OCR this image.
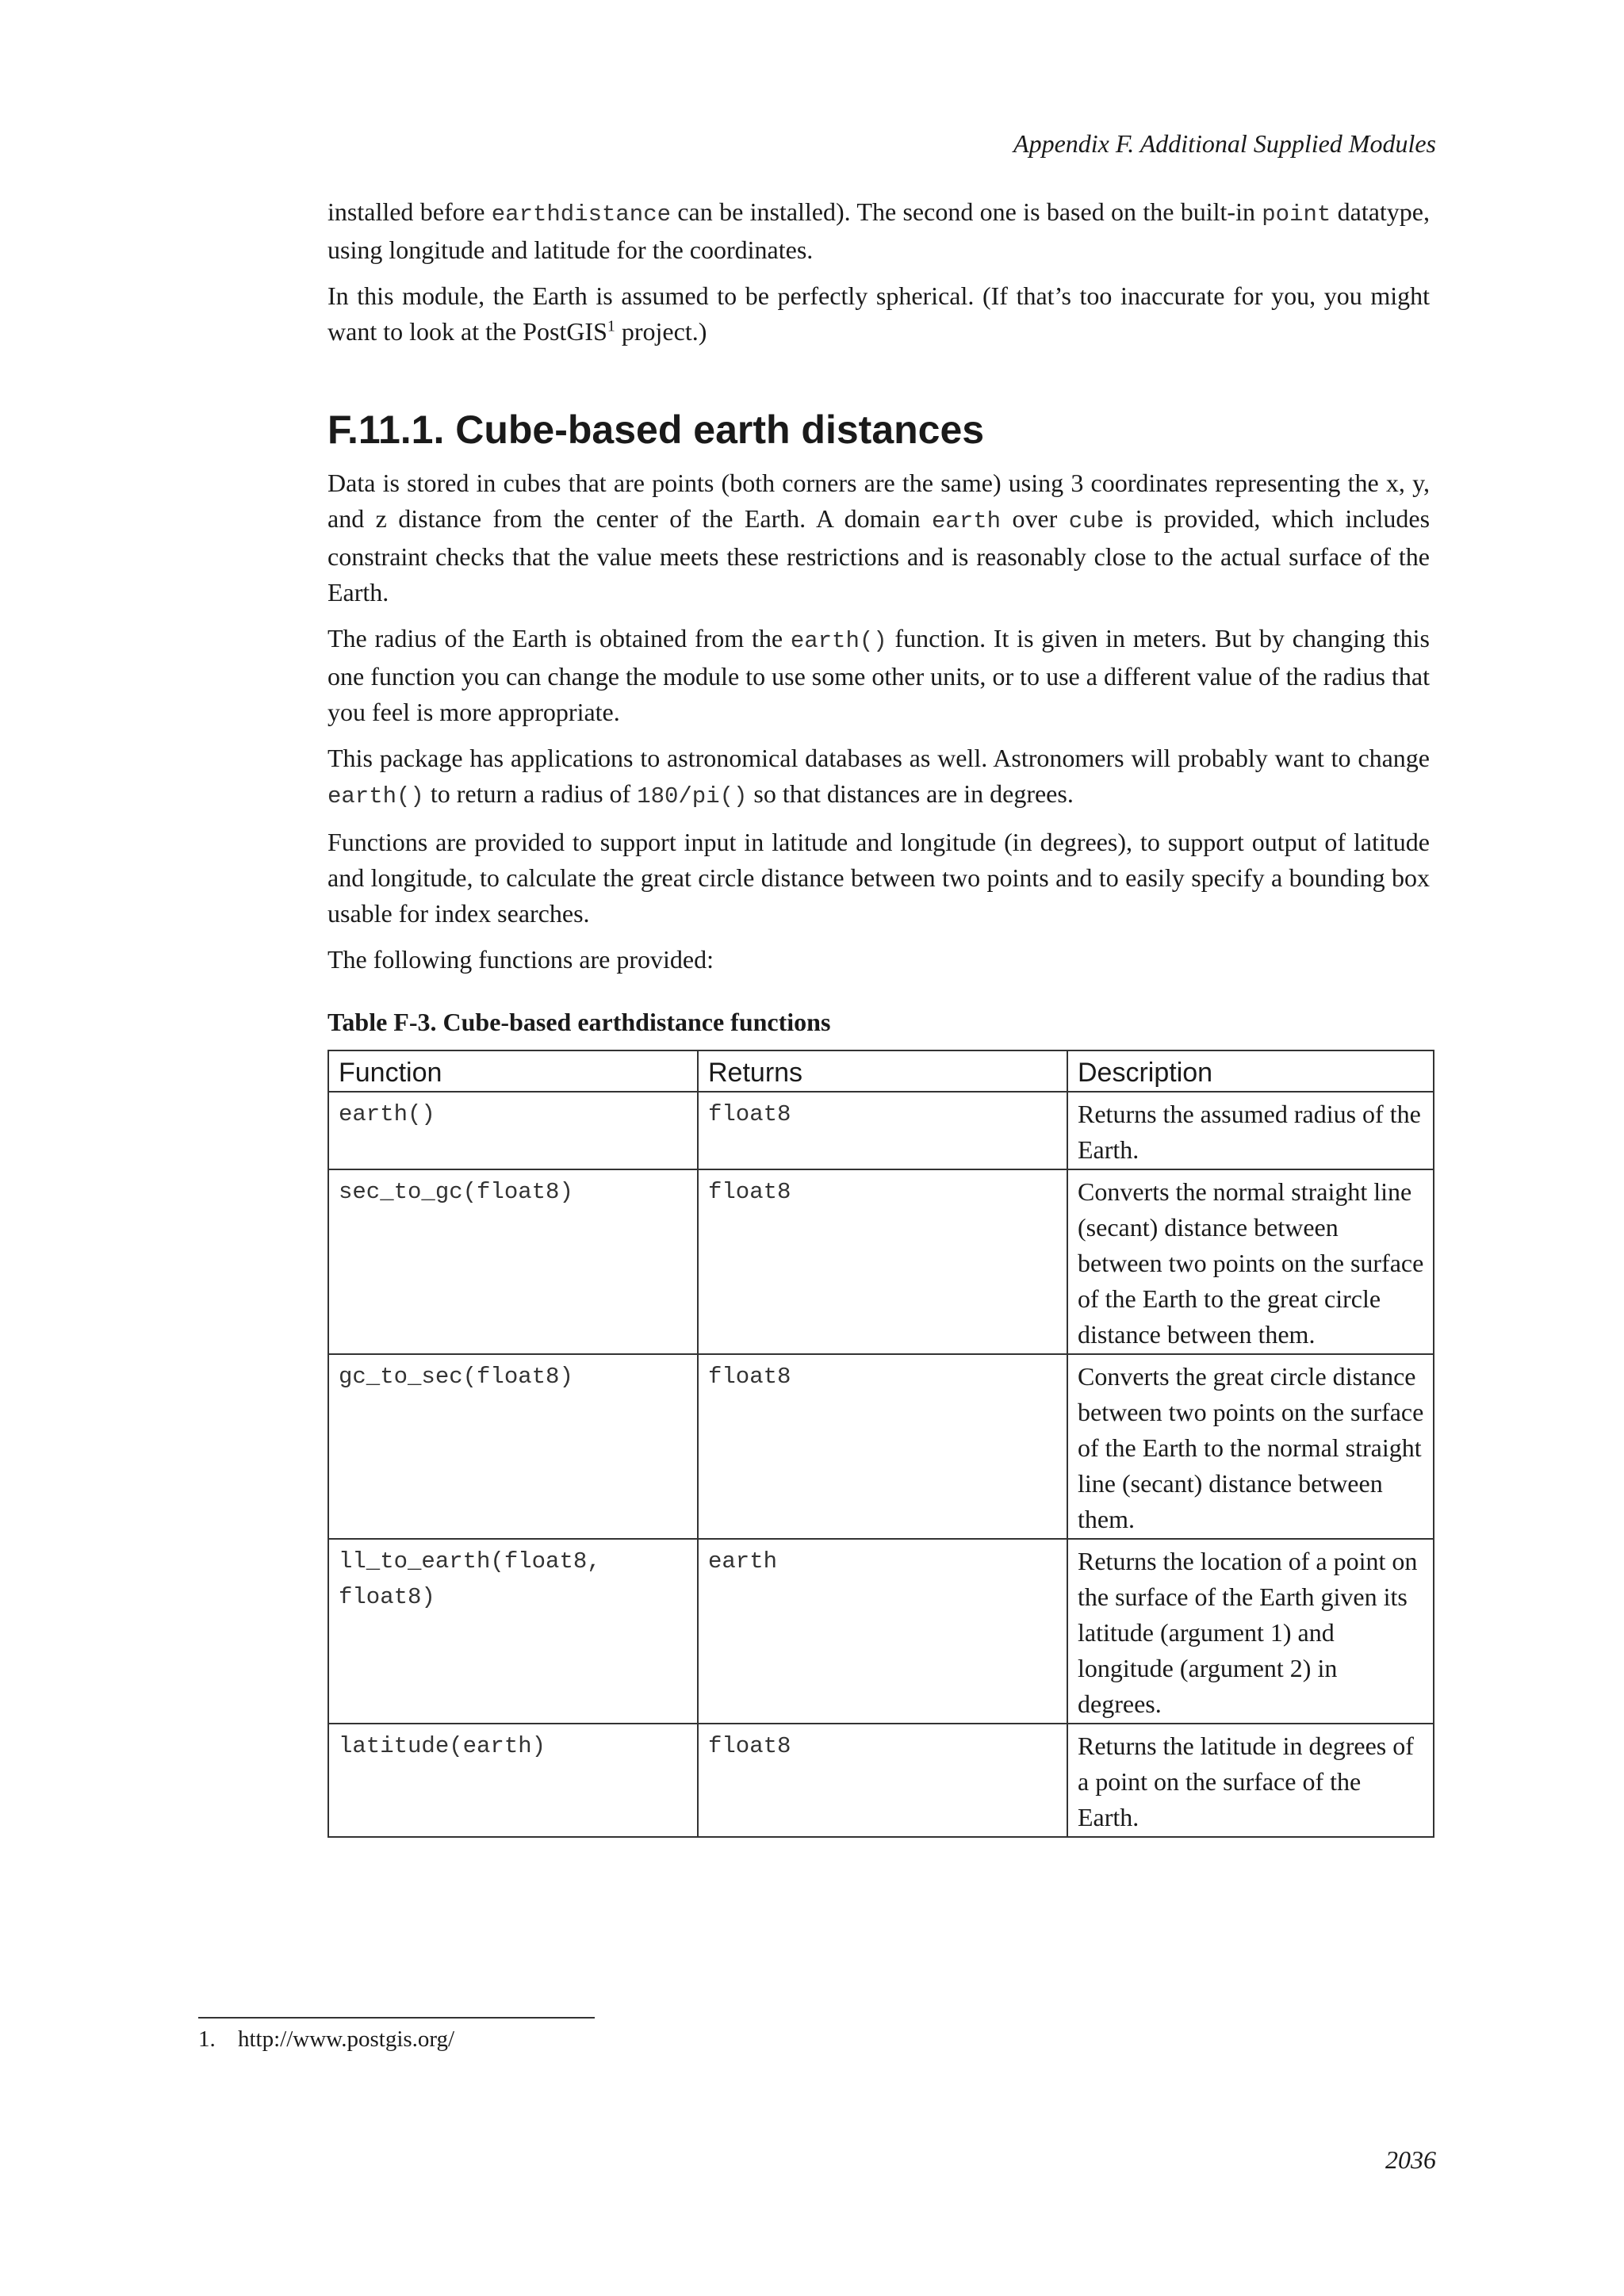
Appendix F. Additional Supplied Modules

installed before earthdistance can be installed). The second one is based on the built-in point datatype, using longitude and latitude for the coordinates.

In this module, the Earth is assumed to be perfectly spherical. (If that’s too inaccurate for you, you might want to look at the PostGIS$^1$ project.)

F.11.1. Cube-based earth distances

Data is stored in cubes that are points (both corners are the same) using 3 coordinates representing the x, y, and z distance from the center of the Earth. A domain earth over cube is provided, which includes constraint checks that the value meets these restrictions and is reasonably close to the actual surface of the Earth.

The radius of the Earth is obtained from the earth() function. It is given in meters. But by changing this one function you can change the module to use some other units, or to use a different value of the radius that you feel is more appropriate.

This package has applications to astronomical databases as well. Astronomers will probably want to change earth() to return a radius of 180/pi() so that distances are in degrees.

Functions are provided to support input in latitude and longitude (in degrees), to support output of latitude and longitude, to calculate the great circle distance between two points and to easily specify a bounding box usable for index searches.

The following functions are provided:

Table F-3. Cube-based earthdistance functions
Function	Returns	Description
earth()	float8	Returns the assumed radius of the Earth.
sec_to_gc(float8)	float8	Converts the normal straight line (secant) distance between between two points on the surface of the Earth to the great circle distance between them.
gc_to_sec(float8)	float8	Converts the great circle distance between two points on the surface of the Earth to the normal straight line (secant) distance between them.
ll_to_earth(float8, float8)	earth	Returns the location of a point on the surface of the Earth given its latitude (argument 1) and longitude (argument 2) in degrees.
latitude(earth)	float8	Returns the latitude in degrees of a point on the surface of the Earth.
1. http://www.postgis.org/
2036
